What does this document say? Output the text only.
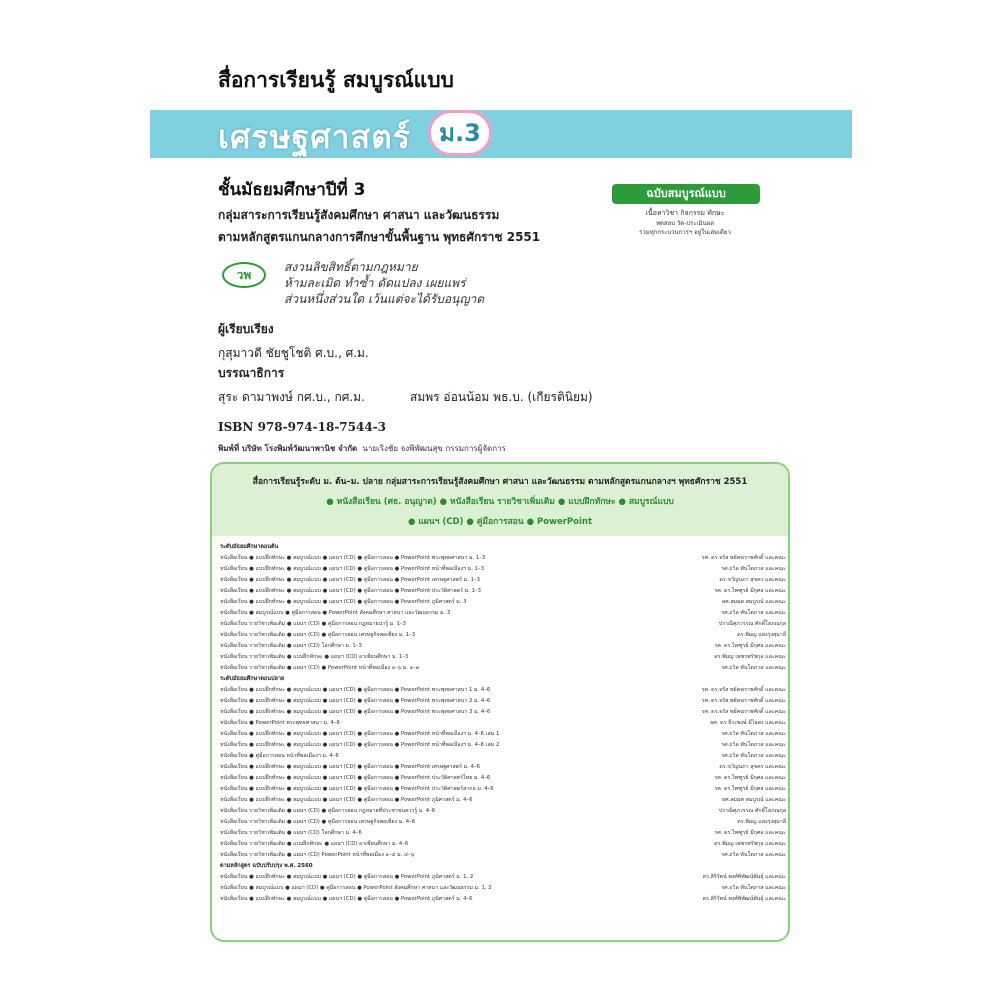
สื่อการเรียนรู้ สมบูรณ์แบบ
เศรษฐศาสตร์	ม.3
ชั้นมัธยมศึกษาปีที่ 3
กลุ่มสาระการเรียนรู้สังคมศึกษา ศาสนา และวัฒนธรรม
ตามหลักสูตรแกนกลางการศึกษาขั้นพื้นฐาน พุทธศักราช 2551
ฉบับสมบูรณ์แบบ
เนื้อหาวิชา กิจกรรม ทักษะ
ทดสอบ วัด-ประเมินผล
รวมทุกกระบวนการฯ อยู่ในเล่มเดียว
วพ
สงวนลิขสิทธิ์ตามกฎหมาย
ห้ามละเมิด ทำซ้ำ ดัดแปลง เผยแพร่
ส่วนหนึ่งส่วนใด เว้นแต่จะได้รับอนุญาต
ผู้เรียบเรียง
กุสุมาวดี ชัยชูโชติ ศ.บ., ศ.ม.
บรรณาธิการ
สุระ ดามาพงษ์ กศ.บ., กศ.ม.	สมพร อ่อนน้อม พธ.บ. (เกียรตินิยม)
ISBN 978-974-18-7544-3
พิมพ์ที่ บริษัท โรงพิมพ์วัฒนาพานิช จำกัด นายเริงชัย จงพิพัฒนสุข กรรมการผู้จัดการ
สื่อการเรียนรู้ระดับ ม. ต้น–ม. ปลาย กลุ่มสาระการเรียนรู้สังคมศึกษา ศาสนา และวัฒนธรรม ตามหลักสูตรแกนกลางฯ พุทธศักราช 2551
● หนังสือเรียน (ศธ. อนุญาต) ● หนังสือเรียน รายวิชาเพิ่มเติม ● แบบฝึกทักษะ ● สมบูรณ์แบบ
● แผนฯ (CD) ● คู่มือการสอน ● PowerPoint
ระดับมัธยมศึกษาตอนต้น
หนังสือเรียน ● แบบฝึกทักษะ ● สมบูรณ์แบบ ● แผนฯ (CD) ● คู่มือการสอน ● PowerPoint พระพุทธศาสนา ม. 1–3	รศ. ดร.จรัส พยัคฆราชศักดิ์ และคณะ
หนังสือเรียน ● แบบฝึกทักษะ ● สมบูรณ์แบบ ● แผนฯ (CD) ● คู่มือการสอน ● PowerPoint หน้าที่พลเมืองฯ ม. 1–3	รศ.ถวิล ทันโตภาส และคณะ
หนังสือเรียน ● แบบฝึกทักษะ ● สมบูรณ์แบบ ● แผนฯ (CD) ● คู่มือการสอน ● PowerPoint เศรษฐศาสตร์ ม. 1–3	ดร.ขวัญนภา สุขคร และคณะ
หนังสือเรียน ● แบบฝึกทักษะ ● สมบูรณ์แบบ ● แผนฯ (CD) ● คู่มือการสอน ● PowerPoint ประวัติศาสตร์ ม. 1–3	รศ. ดร.ไพฑูรย์ มีกุศล และคณะ
หนังสือเรียน ● แบบฝึกทักษะ ● สมบูรณ์แบบ ● แผนฯ (CD) ● คู่มือการสอน ● PowerPoint ภูมิศาสตร์ ม. 3	ผศ.สมมต สมบูรณ์ และคณะ
หนังสือเรียน ● สมบูรณ์แบบ ● คู่มือการสอน ● PowerPoint สังคมศึกษา ศาสนา และวัฒนธรรม ม. 3	รศ.ถวิล ทันโตภาส และคณะ
หนังสือเรียน รายวิชาเพิ่มเติม ● แผนฯ (CD) ● คู่มือการสอน กฎหมายน่ารู้ ม. 1–3	ปราณีศุภวรรณ ศักดิ์โสภณกุล
หนังสือเรียน รายวิชาเพิ่มเติม ● แผนฯ (CD) ● คู่มือการสอน เศรษฐกิจพอเพียง ม. 1–3	ดร.พิมญ แสงรุ่งสุมาลี
หนังสือเรียน รายวิชาเพิ่มเติม ● แผนฯ (CD) โลกศึกษา ม. 1–3	รศ. ดร.ไพฑูรย์ มีกุศล และคณะ
หนังสือเรียน รายวิชาเพิ่มเติม ● แบบฝึกทักษะ ● แผนฯ (CD) อาเซียนศึกษา ม. 1–3	ดร.พิมญ เพชรพรัชกุล และคณะ
หนังสือเรียน รายวิชาเพิ่มเติม ● แผนฯ (CD) ● PowerPoint หน้าที่พลเมือง ๑–๖ ม. ๑–๓	รศ.ถวิล ทันโตภาส และคณะ
ระดับมัธยมศึกษาตอนปลาย
หนังสือเรียน ● แบบฝึกทักษะ ● สมบูรณ์แบบ ● แผนฯ (CD) ● คู่มือการสอน ● PowerPoint พระพุทธศาสนา 1 ม. 4–6	รศ. ดร.จรัส พยัคฆราชศักดิ์ และคณะ
หนังสือเรียน ● แบบฝึกทักษะ ● สมบูรณ์แบบ ● แผนฯ (CD) ● คู่มือการสอน ● PowerPoint พระพุทธศาสนา 2 ม. 4–6	รศ. ดร.จรัส พยัคฆราชศักดิ์ และคณะ
หนังสือเรียน ● แบบฝึกทักษะ ● สมบูรณ์แบบ ● แผนฯ (CD) ● คู่มือการสอน ● PowerPoint พระพุทธศาสนา 3 ม. 4–6	รศ. ดร.จรัส พยัคฆราชศักดิ์ และคณะ
หนังสือเรียน ● PowerPoint พระพุทธศาสนา ม. 4–6	ผศ. ดร.ธีระพงษ์ มีไธสง และคณะ
หนังสือเรียน ● แบบฝึกทักษะ ● สมบูรณ์แบบ ● แผนฯ (CD) ● คู่มือการสอน ● PowerPoint หน้าที่พลเมืองฯ ม. 4–6 เล่ม 1	รศ.ถวิล ทันโตภาส และคณะ
หนังสือเรียน ● แบบฝึกทักษะ ● สมบูรณ์แบบ ● แผนฯ (CD) ● คู่มือการสอน ● PowerPoint หน้าที่พลเมืองฯ ม. 4–6 เล่ม 2	รศ.ถวิล ทันโตภาส และคณะ
หนังสือเรียน ● คู่มือการสอน หน้าที่พลเมืองฯ ม. 4–6	รศ.ถวิล ทันโตภาส และคณะ
หนังสือเรียน ● แบบฝึกทักษะ ● สมบูรณ์แบบ ● แผนฯ (CD) ● คู่มือการสอน ● PowerPoint เศรษฐศาสตร์ ม. 4–6	ดร.ขวัญนภา สุขคร และคณะ
หนังสือเรียน ● แบบฝึกทักษะ ● สมบูรณ์แบบ ● แผนฯ (CD) ● คู่มือการสอน ● PowerPoint ประวัติศาสตร์ไทย ม. 4–6	รศ. ดร.ไพฑูรย์ มีกุศล และคณะ
หนังสือเรียน ● แบบฝึกทักษะ ● สมบูรณ์แบบ ● แผนฯ (CD) ● คู่มือการสอน ● PowerPoint ประวัติศาสตร์สากล ม. 4–6	รศ. ดร.ไพฑูรย์ มีกุศล และคณะ
หนังสือเรียน ● แบบฝึกทักษะ ● สมบูรณ์แบบ ● แผนฯ (CD) ● คู่มือการสอน ● PowerPoint ภูมิศาสตร์ ม. 4–6	ผศ.สมมต สมบูรณ์ และคณะ
หนังสือเรียน รายวิชาเพิ่มเติม ● แผนฯ (CD) ● คู่มือการสอน กฎหมายที่ประชาชนควรรู้ ม. 4–6	ปราณีศุภวรรณ ศักดิ์โสภณกุล
หนังสือเรียน รายวิชาเพิ่มเติม ● แผนฯ (CD) ● คู่มือการสอน เศรษฐกิจพอเพียง ม. 4–6	ดร.พิมญ แสงรุ่งสุมาลี
หนังสือเรียน รายวิชาเพิ่มเติม ● แผนฯ (CD) โลกศึกษา ม. 4–6	รศ. ดร.ไพฑูรย์ มีกุศล และคณะ
หนังสือเรียน รายวิชาเพิ่มเติม ● แบบฝึกทักษะ ● แผนฯ (CD) อาเซียนศึกษา ม. 4–6	ดร.พิมญ เพชรพรัชกุล และคณะ
หนังสือเรียน รายวิชาเพิ่มเติม ● แผนฯ (CD) PowerPoint หน้าที่พลเมือง ๑–๔ ม. ๔–๖	รศ.ถวิล ทันโตภาส และคณะ
ตามหลักสูตร ฉบับปรับปรุง พ.ศ. 2560
หนังสือเรียน ● แบบฝึกทักษะ ● สมบูรณ์แบบ ● แผนฯ (CD) ● คู่มือการสอน ● PowerPoint ภูมิศาสตร์ ม. 1, 2	ดร.สิริรัตน์ พงศ์พิพัฒน์พันธุ์ และคณะ
หนังสือเรียน ● สมบูรณ์แบบ ● แผนฯ (CD) ● คู่มือการสอน ● PowerPoint สังคมศึกษา ศาสนา และวัฒนธรรม ม. 1, 2	รศ.ถวิล ทันโตภาส และคณะ
หนังสือเรียน ● แบบฝึกทักษะ ● สมบูรณ์แบบ ● แผนฯ (CD) ● คู่มือการสอน ● PowerPoint ภูมิศาสตร์ ม. 4–6	ดร.สิริรัตน์ พงศ์พิพัฒน์พันธุ์ และคณะ
